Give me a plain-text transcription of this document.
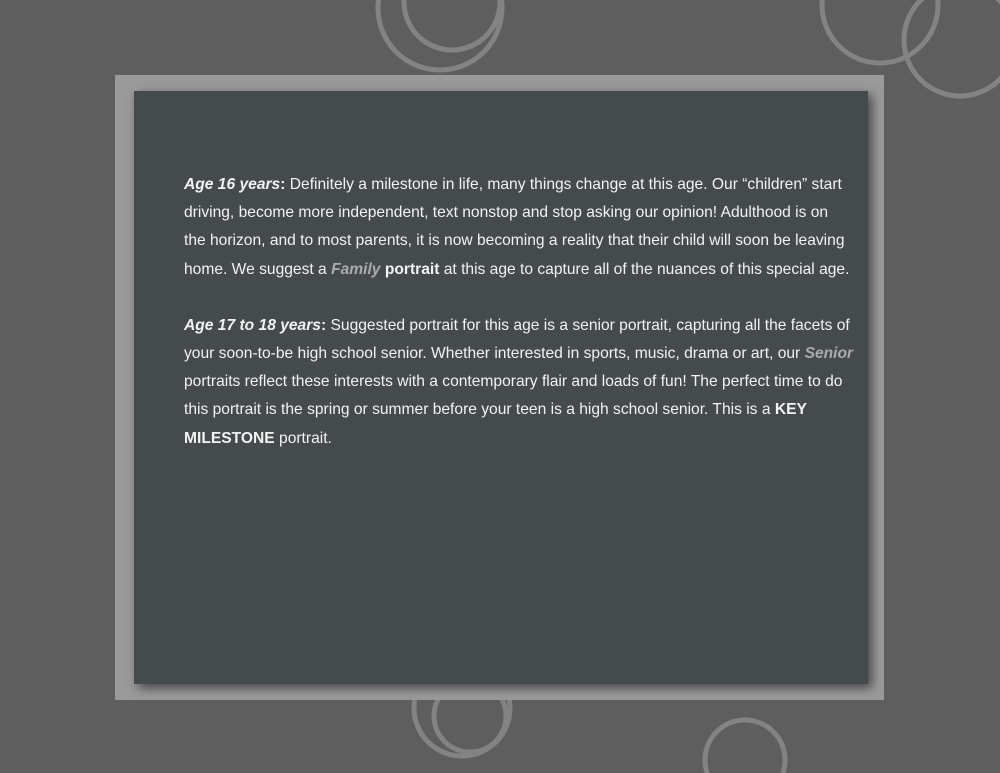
Age 16 years: Definitely a milestone in life, many things change at this age. Our “children” start driving, become more independent, text nonstop and stop asking our opinion! Adulthood is on the horizon, and to most parents, it is now becoming a reality that their child will soon be leaving home. We suggest a Family portrait at this age to capture all of the nuances of this special age.

Age 17 to 18 years: Suggested portrait for this age is a senior portrait, capturing all the facets of your soon-to-be high school senior. Whether interested in sports, music, drama or art, our Senior portraits reflect these interests with a contemporary flair and loads of fun! The perfect time to do this portrait is the spring or summer before your teen is a high school senior. This is a KEY MILESTONE portrait.
